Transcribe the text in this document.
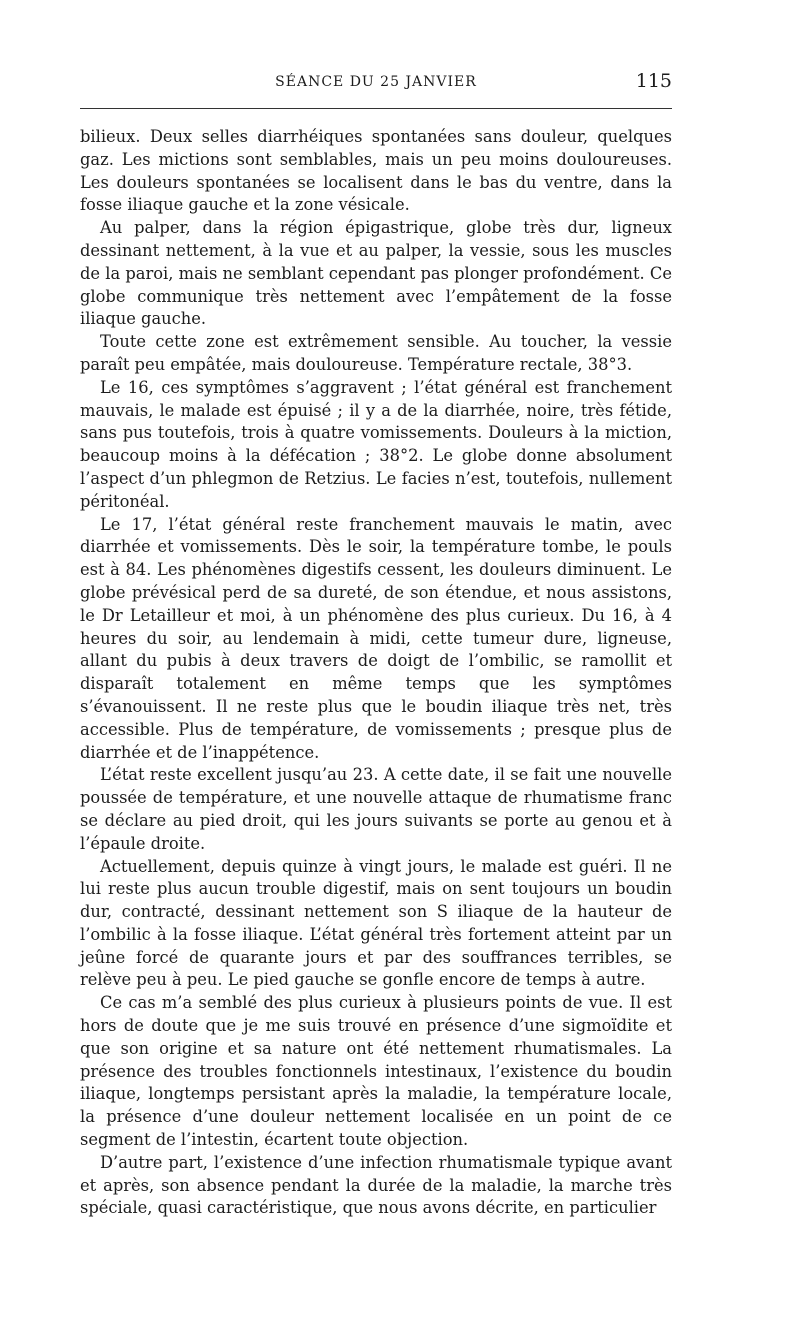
SÉANCE DU 25 JANVIER	115

bilieux. Deux selles diarrhéiques spontanées sans douleur, quelques gaz. Les mictions sont semblables, mais un peu moins douloureuses. Les douleurs spontanées se localisent dans le bas du ventre, dans la fosse iliaque gauche et la zone vésicale.

Au palper, dans la région épigastrique, globe très dur, ligneux dessinant nettement, à la vue et au palper, la vessie, sous les muscles de la paroi, mais ne semblant cependant pas plonger profondément. Ce globe communique très nettement avec l’empâtement de la fosse iliaque gauche.

Toute cette zone est extrêmement sensible. Au toucher, la vessie paraît peu empâtée, mais douloureuse. Température rectale, 38°3.

Le 16, ces symptômes s’aggravent ; l’état général est franchement mauvais, le malade est épuisé ; il y a de la diarrhée, noire, très fétide, sans pus toutefois, trois à quatre vomissements. Douleurs à la miction, beaucoup moins à la défécation ; 38°2. Le globe donne absolument l’aspect d’un phlegmon de Retzius. Le facies n’est, toutefois, nullement péritonéal.

Le 17, l’état général reste franchement mauvais le matin, avec diarrhée et vomissements. Dès le soir, la température tombe, le pouls est à 84. Les phénomènes digestifs cessent, les douleurs diminuent. Le globe prévésical perd de sa dureté, de son étendue, et nous assistons, le Dr Letailleur et moi, à un phénomène des plus curieux. Du 16, à 4 heures du soir, au lendemain à midi, cette tumeur dure, ligneuse, allant du pubis à deux travers de doigt de l’ombilic, se ramollit et disparaît totalement en même temps que les symptômes s’évanouissent. Il ne reste plus que le boudin iliaque très net, très accessible. Plus de température, de vomissements ; presque plus de diarrhée et de l’inappétence.

L’état reste excellent jusqu’au 23. A cette date, il se fait une nouvelle poussée de température, et une nouvelle attaque de rhumatisme franc se déclare au pied droit, qui les jours suivants se porte au genou et à l’épaule droite.

Actuellement, depuis quinze à vingt jours, le malade est guéri. Il ne lui reste plus aucun trouble digestif, mais on sent toujours un boudin dur, contracté, dessinant nettement son S iliaque de la hauteur de l’ombilic à la fosse iliaque. L’état général très fortement atteint par un jeûne forcé de quarante jours et par des souffrances terribles, se relève peu à peu. Le pied gauche se gonfle encore de temps à autre.

Ce cas m’a semblé des plus curieux à plusieurs points de vue. Il est hors de doute que je me suis trouvé en présence d’une sigmoïdite et que son origine et sa nature ont été nettement rhumatismales. La présence des troubles fonctionnels intestinaux, l’existence du boudin iliaque, longtemps persistant après la maladie, la température locale, la présence d’une douleur nettement localisée en un point de ce segment de l’intestin, écartent toute objection.

D’autre part, l’existence d’une infection rhumatismale typique avant et après, son absence pendant la durée de la maladie, la marche très spéciale, quasi caractéristique, que nous avons décrite, en particulier
